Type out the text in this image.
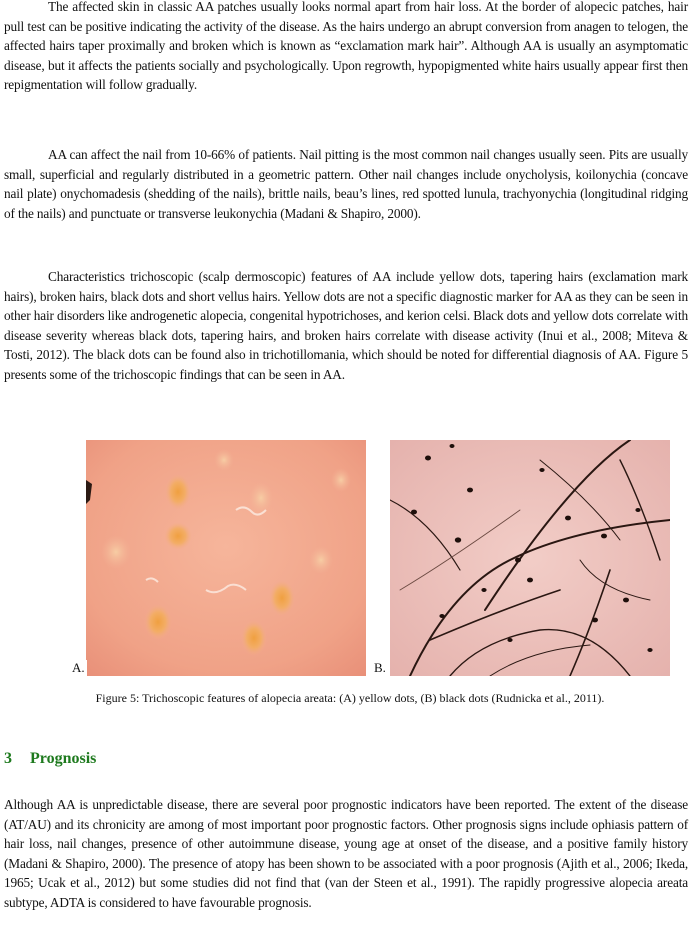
The affected skin in classic AA patches usually looks normal apart from hair loss. At the border of alopecic patches, hair pull test can be positive indicating the activity of the disease. As the hairs undergo an abrupt conversion from anagen to telogen, the affected hairs taper proximally and broken which is known as “exclamation mark hair”. Although AA is usually an asymptomatic disease, but it affects the patients socially and psychologically. Upon regrowth, hypopigmented white hairs usually appear first then repigmentation will follow gradually.

AA can affect the nail from 10-66% of patients. Nail pitting is the most common nail changes usually seen. Pits are usually small, superficial and regularly distributed in a geometric pattern. Other nail changes include onycholysis, koilonychia (concave nail plate) onychomadesis (shedding of the nails), brittle nails, beau’s lines, red spotted lunula, trachyonychia (longitudinal ridging of the nails) and punctuate or transverse leukonychia (Madani & Shapiro, 2000).

Characteristics trichoscopic (scalp dermoscopic) features of AA include yellow dots, tapering hairs (exclamation mark hairs), broken hairs, black dots and short vellus hairs. Yellow dots are not a specific diagnostic marker for AA as they can be seen in other hair disorders like androgenetic alopecia, congenital hypotrichoses, and kerion celsi. Black dots and yellow dots correlate with disease severity whereas black dots, tapering hairs, and broken hairs correlate with disease activity (Inui et al., 2008; Miteva & Tosti, 2012). The black dots can be found also in trichotillomania, which should be noted for differential diagnosis of AA. Figure 5 presents some of the trichoscopic findings that can be seen in AA.

A.	B.

Figure 5: Trichoscopic features of alopecia areata: (A) yellow dots, (B) black dots (Rudnicka et al., 2011).

3 Prognosis

Although AA is unpredictable disease, there are several poor prognostic indicators have been reported. The extent of the disease (AT/AU) and its chronicity are among of most important poor prognostic factors. Other prognosis signs include ophiasis pattern of hair loss, nail changes, presence of other autoimmune disease, young age at onset of the disease, and a positive family history (Madani & Shapiro, 2000). The presence of atopy has been shown to be associated with a poor prognosis (Ajith et al., 2006; Ikeda, 1965; Ucak et al., 2012) but some studies did not find that (van der Steen et al., 1991). The rapidly progressive alopecia areata subtype, ADTA is considered to have favourable prognosis.
